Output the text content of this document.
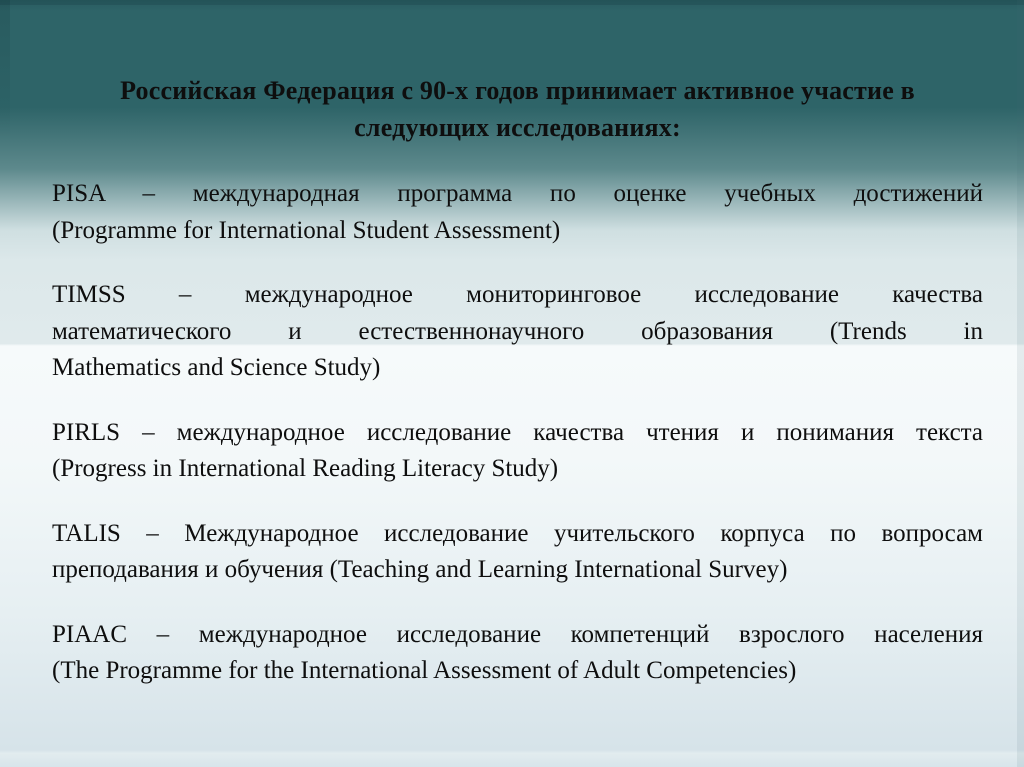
Российская Федерация с 90-х годов принимает активное участие в
следующих исследованиях:

PISA – международная программа по оценке учебных достижений
(Programme for International Student Assessment)

TIMSS – международное мониторинговое исследование качества
математического и естественнонаучного образования (Trends in
Mathematics and Science Study)

PIRLS – международное исследование качества чтения и понимания текста
(Progress in International Reading Literacy Study)

TALIS – Международное исследование учительского корпуса по вопросам
преподавания и обучения (Teaching and Learning International Survey)

PIAAC – международное исследование компетенций взрослого населения
(The Programme for the International Assessment of Adult Competencies)
